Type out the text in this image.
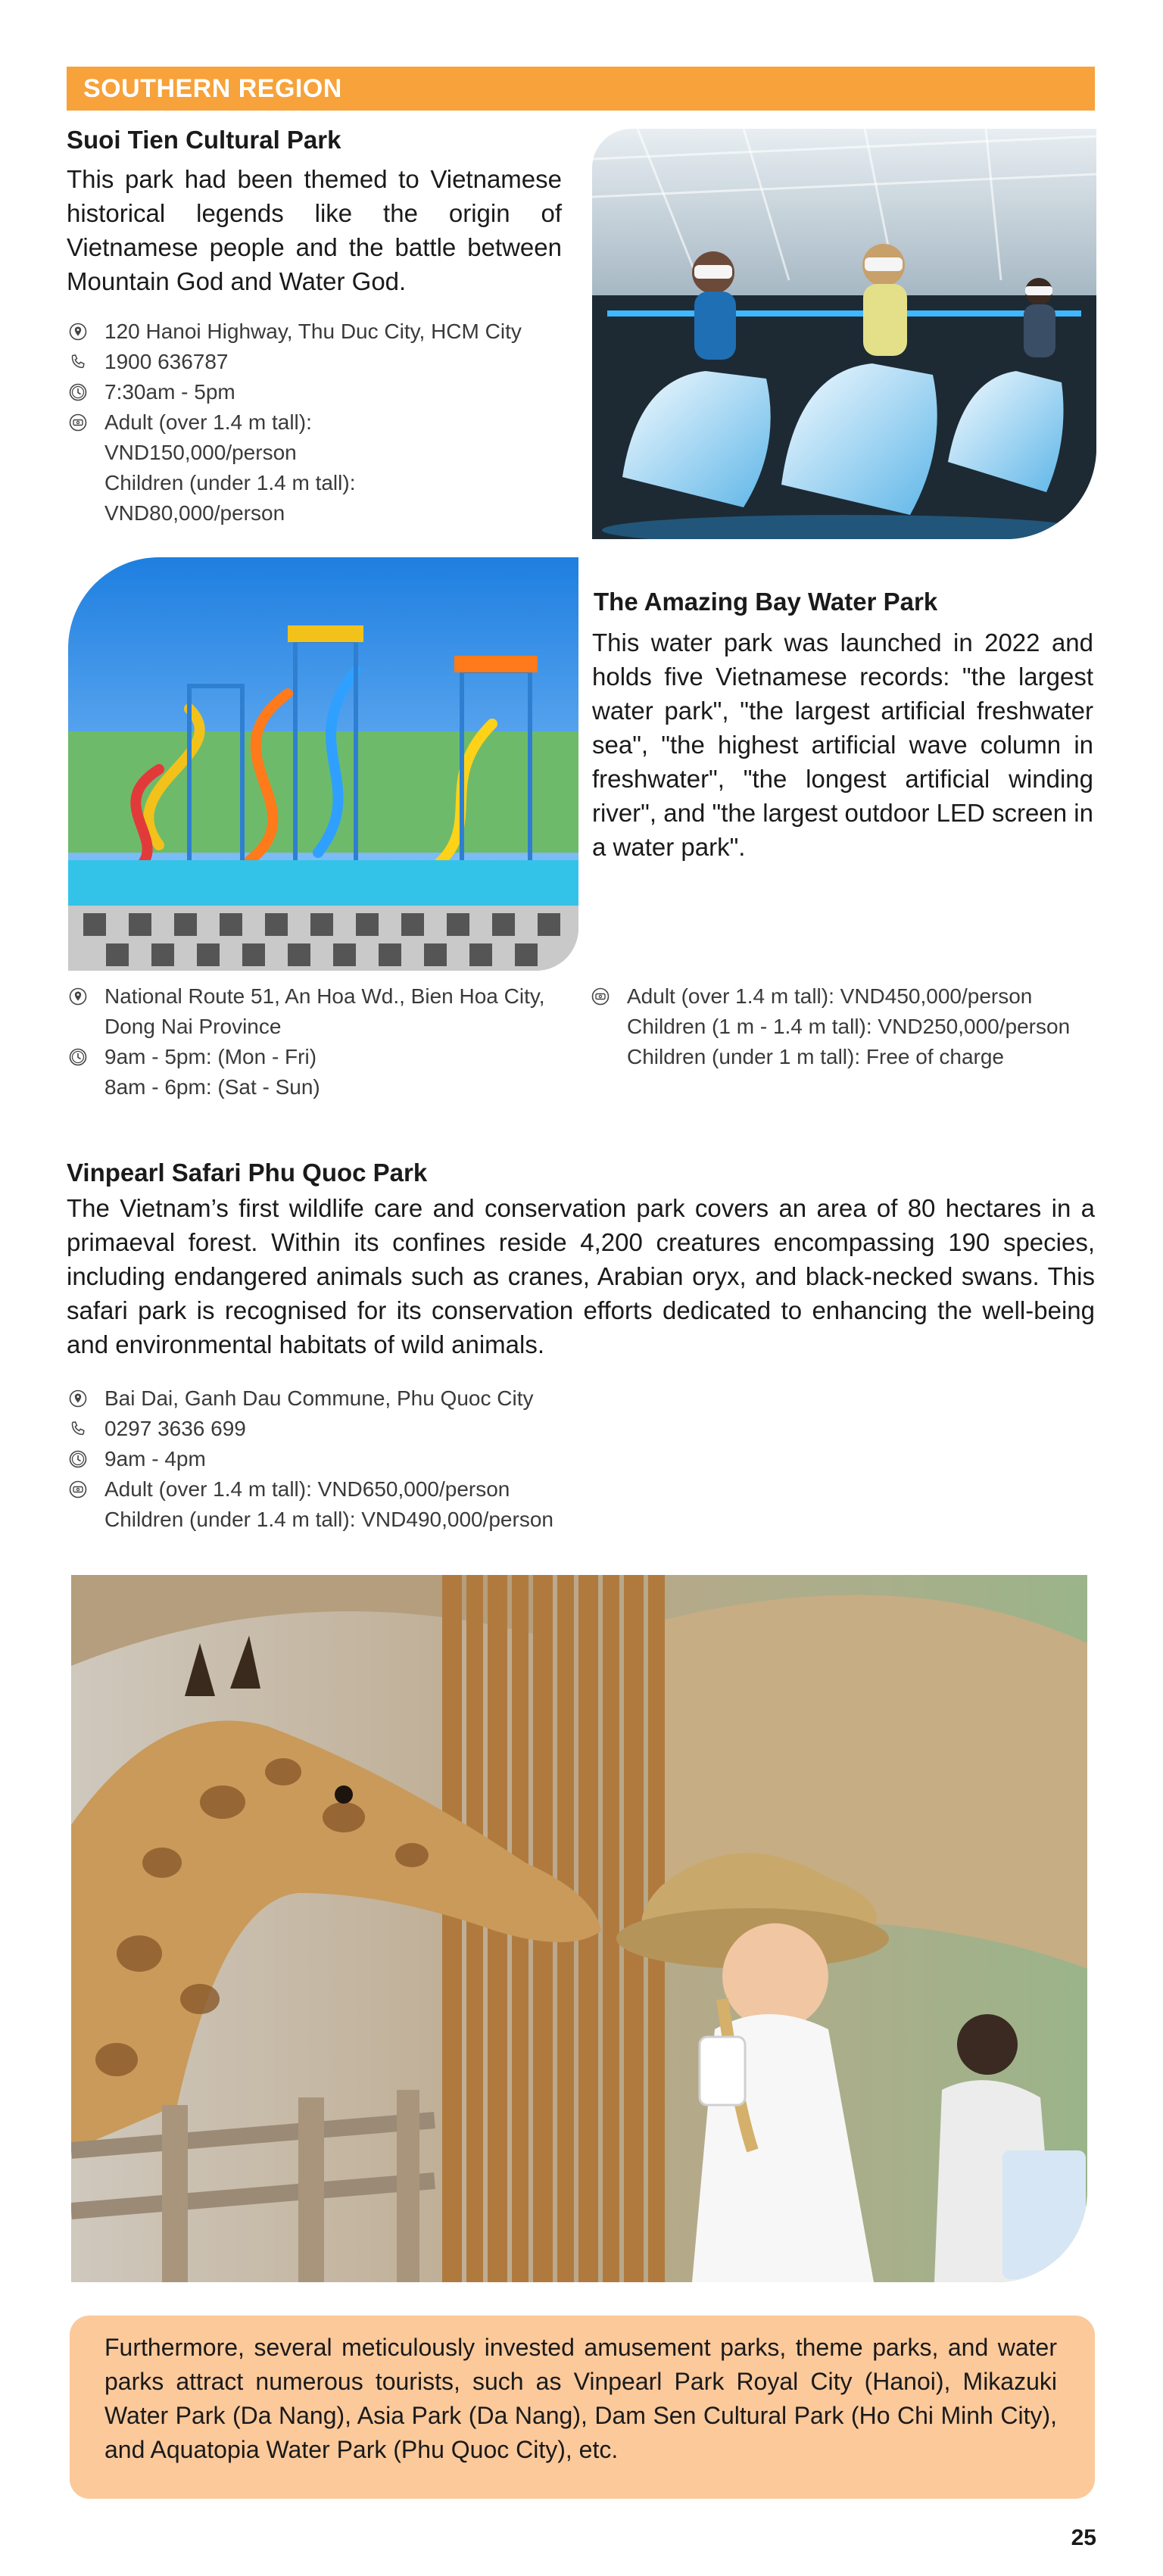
SOUTHERN REGION
Suoi Tien Cultural Park

This park had been themed to Vietnamese historical legends like the origin of Vietnamese people and the battle between Mountain God and Water God.

120 Hanoi Highway, Thu Duc City, HCM City
1900 636787
7:30am - 5pm
Adult (over 1.4 m tall):
VND150,000/person
Children (under 1.4 m tall):
VND80,000/person
The Amazing Bay Water Park

This water park was launched in 2022 and holds five Vietnamese records: "the largest water park", "the largest artificial freshwater sea", "the highest artificial wave column in freshwater", "the longest artificial winding river", and "the largest outdoor LED screen in a water park".

National Route 51, An Hoa Wd., Bien Hoa City,
Dong Nai Province
9am - 5pm: (Mon - Fri)
8am - 6pm: (Sat - Sun)
Adult (over 1.4 m tall): VND450,000/person
Children (1 m - 1.4 m tall): VND250,000/person
Children (under 1 m tall): Free of charge
Vinpearl Safari Phu Quoc Park

The Vietnam’s first wildlife care and conservation park covers an area of 80 hectares in a primaeval forest. Within its confines reside 4,200 creatures encompassing 190 species, including endangered animals such as cranes, Arabian oryx, and black-necked swans. This safari park is recognised for its conservation efforts dedicated to enhancing the well-being and environmental habitats of wild animals.

Bai Dai, Ganh Dau Commune, Phu Quoc City
0297 3636 699
9am - 4pm
Adult (over 1.4 m tall): VND650,000/person
Children (under 1.4 m tall): VND490,000/person

Furthermore, several meticulously invested amusement parks, theme parks, and water parks attract numerous tourists, such as Vinpearl Park Royal City (Hanoi), Mikazuki Water Park (Da Nang), Asia Park (Da Nang), Dam Sen Cultural Park (Ho Chi Minh City), and Aquatopia Water Park (Phu Quoc City), etc.

25
